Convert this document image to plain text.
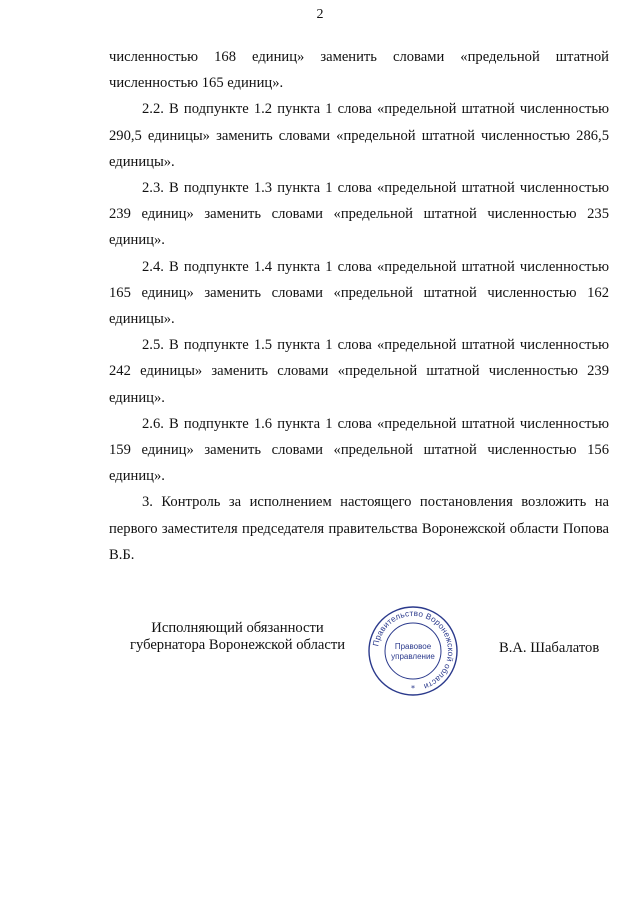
2

численностью 168 единиц» заменить словами «предельной штатной численностью 165 единиц».

2.2. В подпункте 1.2 пункта 1 слова «предельной штатной численностью 290,5 единицы» заменить словами «предельной штатной численностью 286,5 единицы».

2.3. В подпункте 1.3 пункта 1 слова «предельной штатной численностью 239 единиц» заменить словами «предельной штатной численностью 235 единиц».

2.4. В подпункте 1.4 пункта 1 слова «предельной штатной численностью 165 единиц» заменить словами «предельной штатной численностью 162 единицы».

2.5. В подпункте 1.5 пункта 1 слова «предельной штатной численностью 242 единицы» заменить словами «предельной штатной численностью 239 единиц».

2.6. В подпункте 1.6 пункта 1 слова «предельной штатной численностью 159 единиц» заменить словами «предельной штатной численностью 156 единиц».

3. Контроль за исполнением настоящего постановления возложить на первого заместителя председателя правительства Воронежской области Попова В.Б.

Исполняющий обязанности
губернатора Воронежской области	Правительство Воронежской области
Правовое
управление
*
В.А. Шабалатов
